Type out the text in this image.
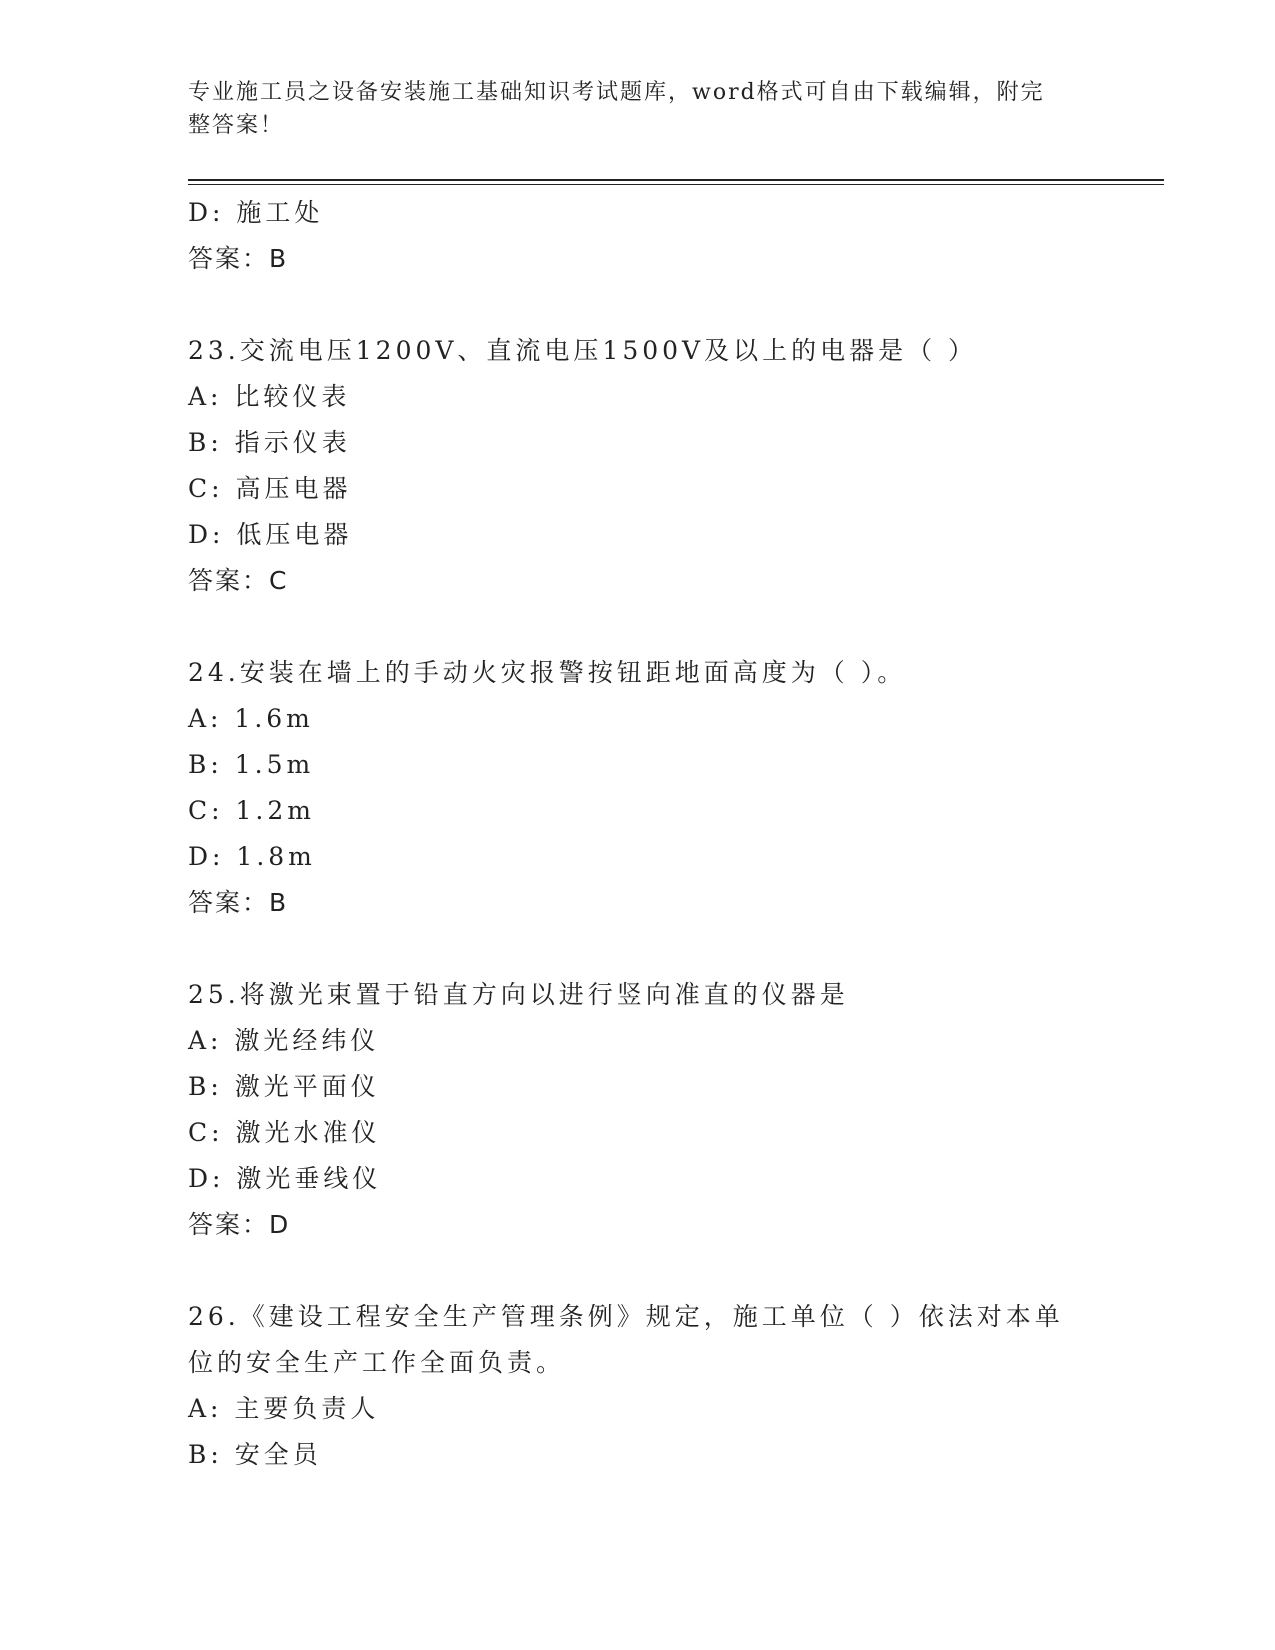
专业施工员之设备安装施工基础知识考试题库，word格式可自由下载编辑，附完整答案！
D: 施工处
答案：B
23.交流电压1200V、直流电压1500V及以上的电器是（ ）
A: 比较仪表
B: 指示仪表
C: 高压电器
D: 低压电器
答案：C
24.安装在墙上的手动火灾报警按钮距地面高度为（ ）。
A: 1.6m
B: 1.5m
C: 1.2m
D: 1.8m
答案：B
25.将激光束置于铅直方向以进行竖向准直的仪器是
A: 激光经纬仪
B: 激光平面仪
C: 激光水准仪
D: 激光垂线仪
答案：D
26.《建设工程安全生产管理条例》规定，施工单位（ ）依法对本单位的安全生产工作全面负责。
A: 主要负责人
B: 安全员
